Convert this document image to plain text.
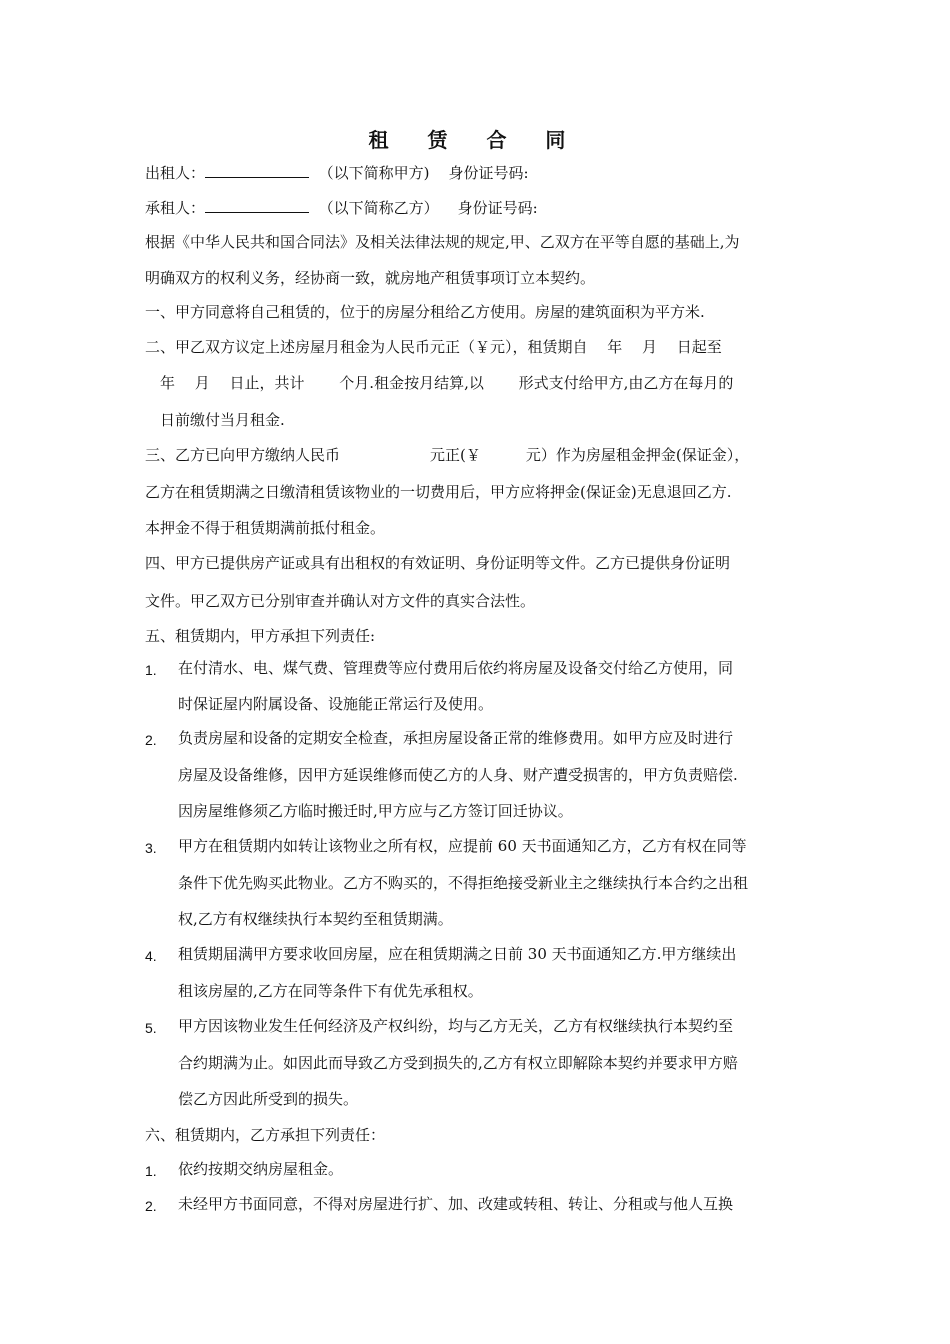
租 赁 合 同
出租人：	（以下简称甲方)    身份证号码:
承租人：	（以下简称乙方）    身份证号码:
根据《中华人民共和国合同法》及相关法律法规的规定,甲、乙双方在平等自愿的基础上,为
明确双方的权利义务，经协商一致，就房地产租赁事项订立本契约。
一、甲方同意将自己租赁的，位于的房屋分租给乙方使用。房屋的建筑面积为平方米.
二、甲乙双方议定上述房屋月租金为人民币元正（￥元），租赁期自　 年 　月 　日起至
　年 　月 　日止，共计　　 个月.租金按月结算,以　　 形式支付给甲方,由乙方在每月的
　日前缴付当月租金.
三、乙方已向甲方缴纳人民币　　　　　　元正(￥　　　元）作为房屋租金押金(保证金），
乙方在租赁期满之日缴清租赁该物业的一切费用后，甲方应将押金(保证金)无息退回乙方.
本押金不得于租赁期满前抵付租金。
四、甲方已提供房产证或具有出租权的有效证明、身份证明等文件。乙方已提供身份证明
文件。甲乙双方已分别审查并确认对方文件的真实合法性。
五、租赁期内，甲方承担下列责任:
1. 在付清水、电、煤气费、管理费等应付费用后依约将房屋及设备交付给乙方使用，同
时保证屋内附属设备、设施能正常运行及使用。
2. 负责房屋和设备的定期安全检查，承担房屋设备正常的维修费用。如甲方应及时进行
房屋及设备维修，因甲方延误维修而使乙方的人身、财产遭受损害的，甲方负责赔偿.
因房屋维修须乙方临时搬迁时,甲方应与乙方签订回迁协议。
3. 甲方在租赁期内如转让该物业之所有权，应提前 60 天书面通知乙方，乙方有权在同等
条件下优先购买此物业。乙方不购买的，不得拒绝接受新业主之继续执行本合约之出租
权,乙方有权继续执行本契约至租赁期满。
4. 租赁期届满甲方要求收回房屋，应在租赁期满之日前 30 天书面通知乙方.甲方继续出
租该房屋的,乙方在同等条件下有优先承租权。
5. 甲方因该物业发生任何经济及产权纠纷，均与乙方无关，乙方有权继续执行本契约至
合约期满为止。如因此而导致乙方受到损失的,乙方有权立即解除本契约并要求甲方赔
偿乙方因此所受到的损失。
六、租赁期内，乙方承担下列责任：
1. 依约按期交纳房屋租金。
2. 未经甲方书面同意，不得对房屋进行扩、加、改建或转租、转让、分租或与他人互换
